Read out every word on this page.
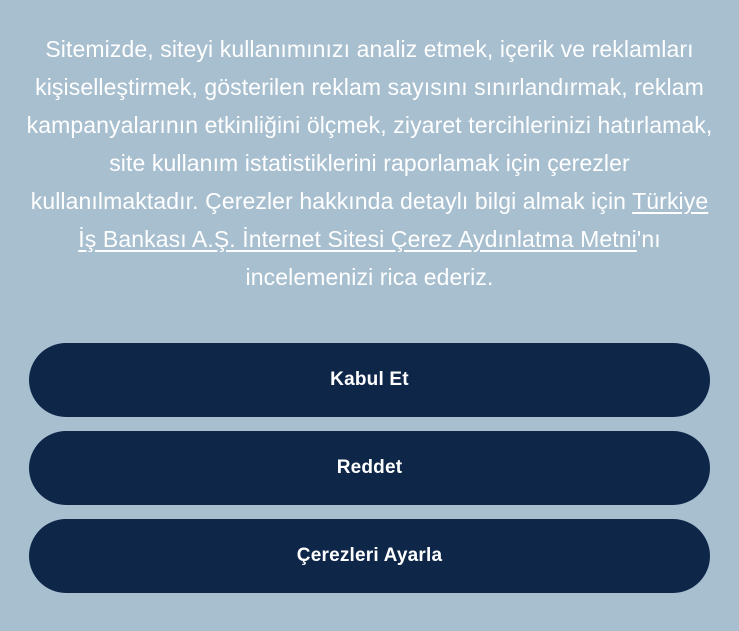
Sitemizde, siteyi kullanımınızı analiz etmek, içerik ve reklamları kişiselleştirmek, gösterilen reklam sayısını sınırlandırmak, reklam kampanyalarının etkinliğini ölçmek, ziyaret tercihlerinizi hatırlamak, site kullanım istatistiklerini raporlamak için çerezler kullanılmaktadır. Çerezler hakkında detaylı bilgi almak için Türkiye İş Bankası A.Ş. İnternet Sitesi Çerez Aydınlatma Metni'nı incelemenizi rica ederiz.

Kabul Et
Reddet
Çerezleri Ayarla
